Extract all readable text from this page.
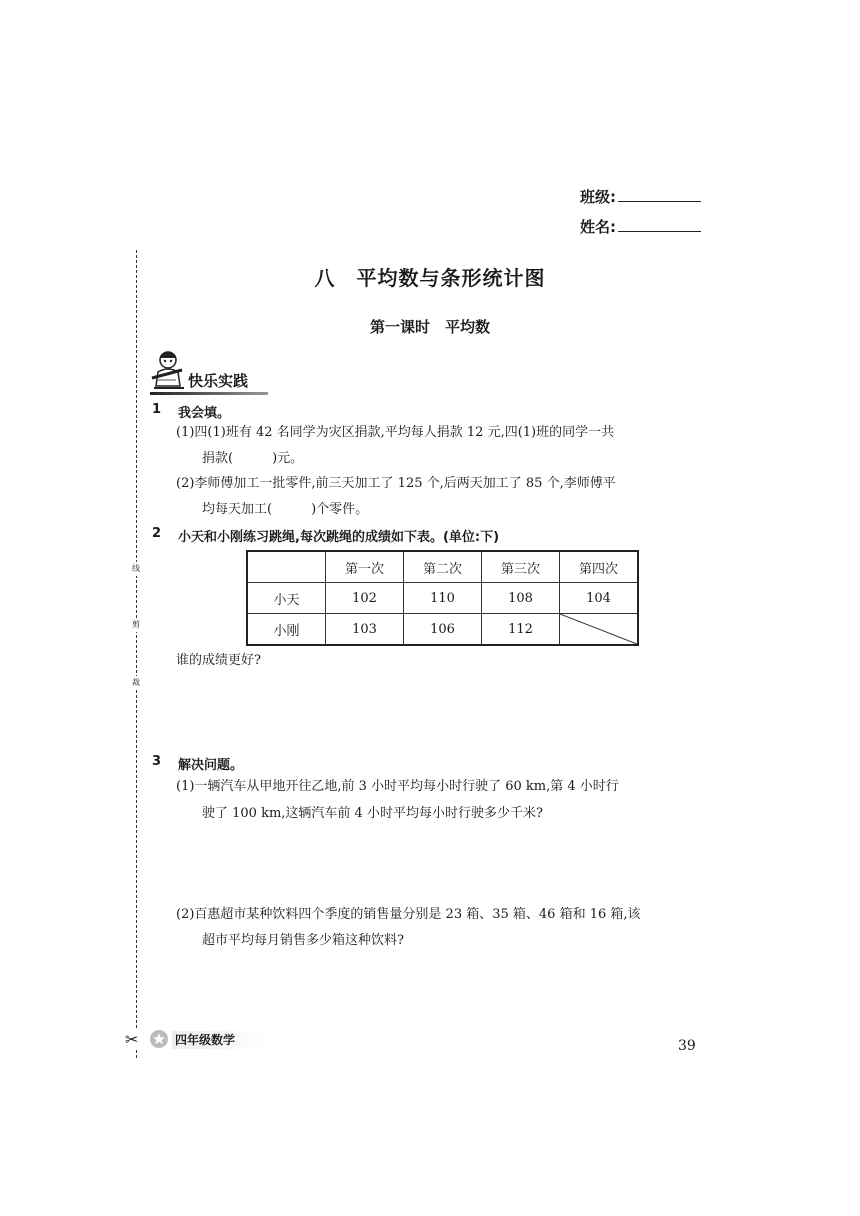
班级:
姓名:
线
剪
裁
✂
八　平均数与条形统计图
第一课时　平均数
快乐实践
1 我会填。
(1)四(1)班有 42 名同学为灾区捐款,平均每人捐款 12 元,四(1)班的同学一共
捐款(　　　)元。
(2)李师傅加工一批零件,前三天加工了 125 个,后两天加工了 85 个,李师傅平
均每天加工(　　　)个零件。
2 小天和小刚练习跳绳,每次跳绳的成绩如下表。(单位:下)
	第一次	第二次	第三次	第四次
小天	102	110	108	104
小刚	103	106	112	
谁的成绩更好?
3 解决问题。
(1)一辆汽车从甲地开往乙地,前 3 小时平均每小时行驶了 60 km,第 4 小时行
驶了 100 km,这辆汽车前 4 小时平均每小时行驶多少千米?
(2)百惠超市某种饮料四个季度的销售量分别是 23 箱、35 箱、46 箱和 16 箱,该
超市平均每月销售多少箱这种饮料?
四年级数学	39
